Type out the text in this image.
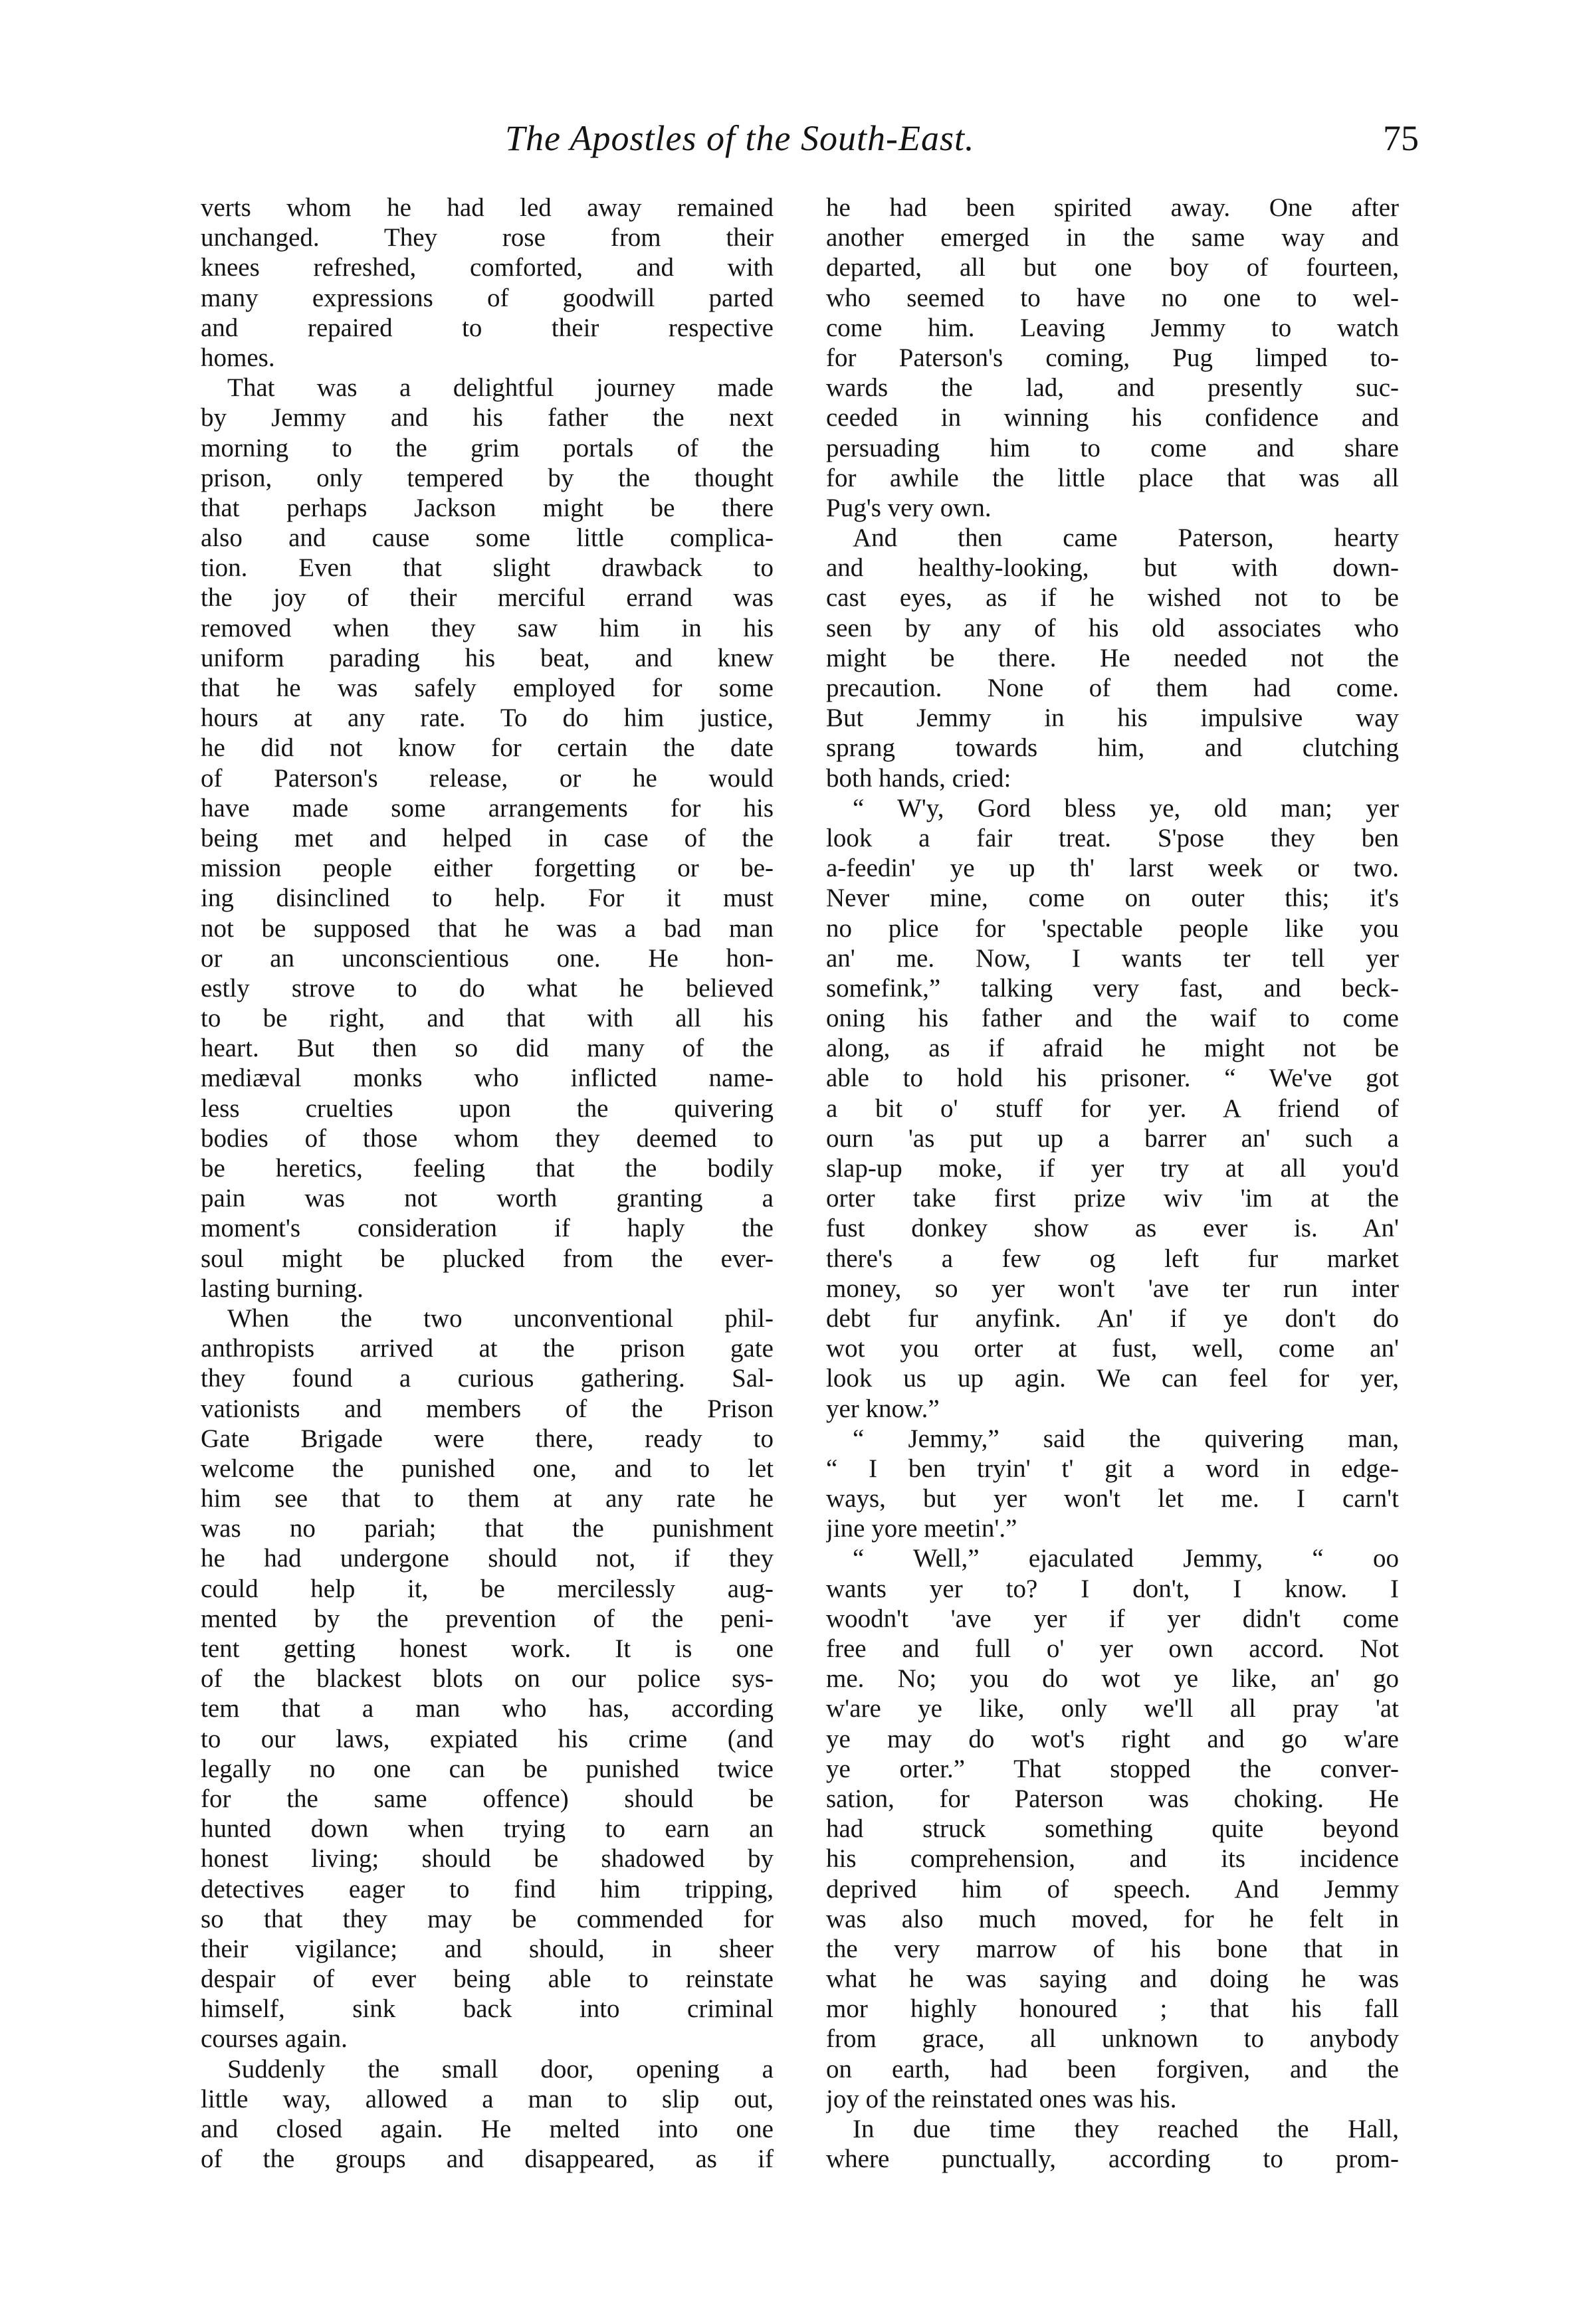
The Apostles of the South-East.	75
verts whom he had led away remained
unchanged. They rose from their
knees refreshed, comforted, and with
many expressions of goodwill parted
and repaired to their respective
homes.
That was a delightful journey made
by Jemmy and his father the next
morning to the grim portals of the
prison, only tempered by the thought
that perhaps Jackson might be there
also and cause some little complica-
tion. Even that slight drawback to
the joy of their merciful errand was
removed when they saw him in his
uniform parading his beat, and knew
that he was safely employed for some
hours at any rate. To do him justice,
he did not know for certain the date
of Paterson's release, or he would
have made some arrangements for his
being met and helped in case of the
mission people either forgetting or be-
ing disinclined to help. For it must
not be supposed that he was a bad man
or an unconscientious one. He hon-
estly strove to do what he believed
to be right, and that with all his
heart. But then so did many of the
mediæval monks who inflicted name-
less cruelties upon the quivering
bodies of those whom they deemed to
be heretics, feeling that the bodily
pain was not worth granting a
moment's consideration if haply the
soul might be plucked from the ever-
lasting burning.
When the two unconventional phil-
anthropists arrived at the prison gate
they found a curious gathering. Sal-
vationists and members of the Prison
Gate Brigade were there, ready to
welcome the punished one, and to let
him see that to them at any rate he
was no pariah; that the punishment
he had undergone should not, if they
could help it, be mercilessly aug-
mented by the prevention of the peni-
tent getting honest work. It is one
of the blackest blots on our police sys-
tem that a man who has, according
to our laws, expiated his crime (and
legally no one can be punished twice
for the same offence) should be
hunted down when trying to earn an
honest living; should be shadowed by
detectives eager to find him tripping,
so that they may be commended for
their vigilance; and should, in sheer
despair of ever being able to reinstate
himself, sink back into criminal
courses again.
Suddenly the small door, opening a
little way, allowed a man to slip out,
and closed again. He melted into one
of the groups and disappeared, as if
he had been spirited away. One after
another emerged in the same way and
departed, all but one boy of fourteen,
who seemed to have no one to wel-
come him. Leaving Jemmy to watch
for Paterson's coming, Pug limped to-
wards the lad, and presently suc-
ceeded in winning his confidence and
persuading him to come and share
for awhile the little place that was all
Pug's very own.
And then came Paterson, hearty
and healthy-looking, but with down-
cast eyes, as if he wished not to be
seen by any of his old associates who
might be there. He needed not the
precaution. None of them had come.
But Jemmy in his impulsive way
sprang towards him, and clutching
both hands, cried:
“ W'y, Gord bless ye, old man; yer
look a fair treat. S'pose they ben
a-feedin' ye up th' larst week or two.
Never mine, come on outer this; it's
no plice for 'spectable people like you
an' me. Now, I wants ter tell yer
somefink,” talking very fast, and beck-
oning his father and the waif to come
along, as if afraid he might not be
able to hold his prisoner. “ We've got
a bit o' stuff for yer. A friend of
ourn 'as put up a barrer an' such a
slap-up moke, if yer try at all you'd
orter take first prize wiv 'im at the
fust donkey show as ever is. An'
there's a few og left fur market
money, so yer won't 'ave ter run inter
debt fur anyfink. An' if ye don't do
wot you orter at fust, well, come an'
look us up agin. We can feel for yer,
yer know.”
“ Jemmy,” said the quivering man,
“ I ben tryin' t' git a word in edge-
ways, but yer won't let me. I carn't
jine yore meetin'.”
“ Well,” ejaculated Jemmy, “ oo
wants yer to? I don't, I know. I
woodn't 'ave yer if yer didn't come
free and full o' yer own accord. Not
me. No; you do wot ye like, an' go
w'are ye like, only we'll all pray 'at
ye may do wot's right and go w'are
ye orter.” That stopped the conver-
sation, for Paterson was choking. He
had struck something quite beyond
his comprehension, and its incidence
deprived him of speech. And Jemmy
was also much moved, for he felt in
the very marrow of his bone that in
what he was saying and doing he was
mor highly honoured ; that his fall
from grace, all unknown to anybody
on earth, had been forgiven, and the
joy of the reinstated ones was his.
In due time they reached the Hall,
where punctually, according to prom-
